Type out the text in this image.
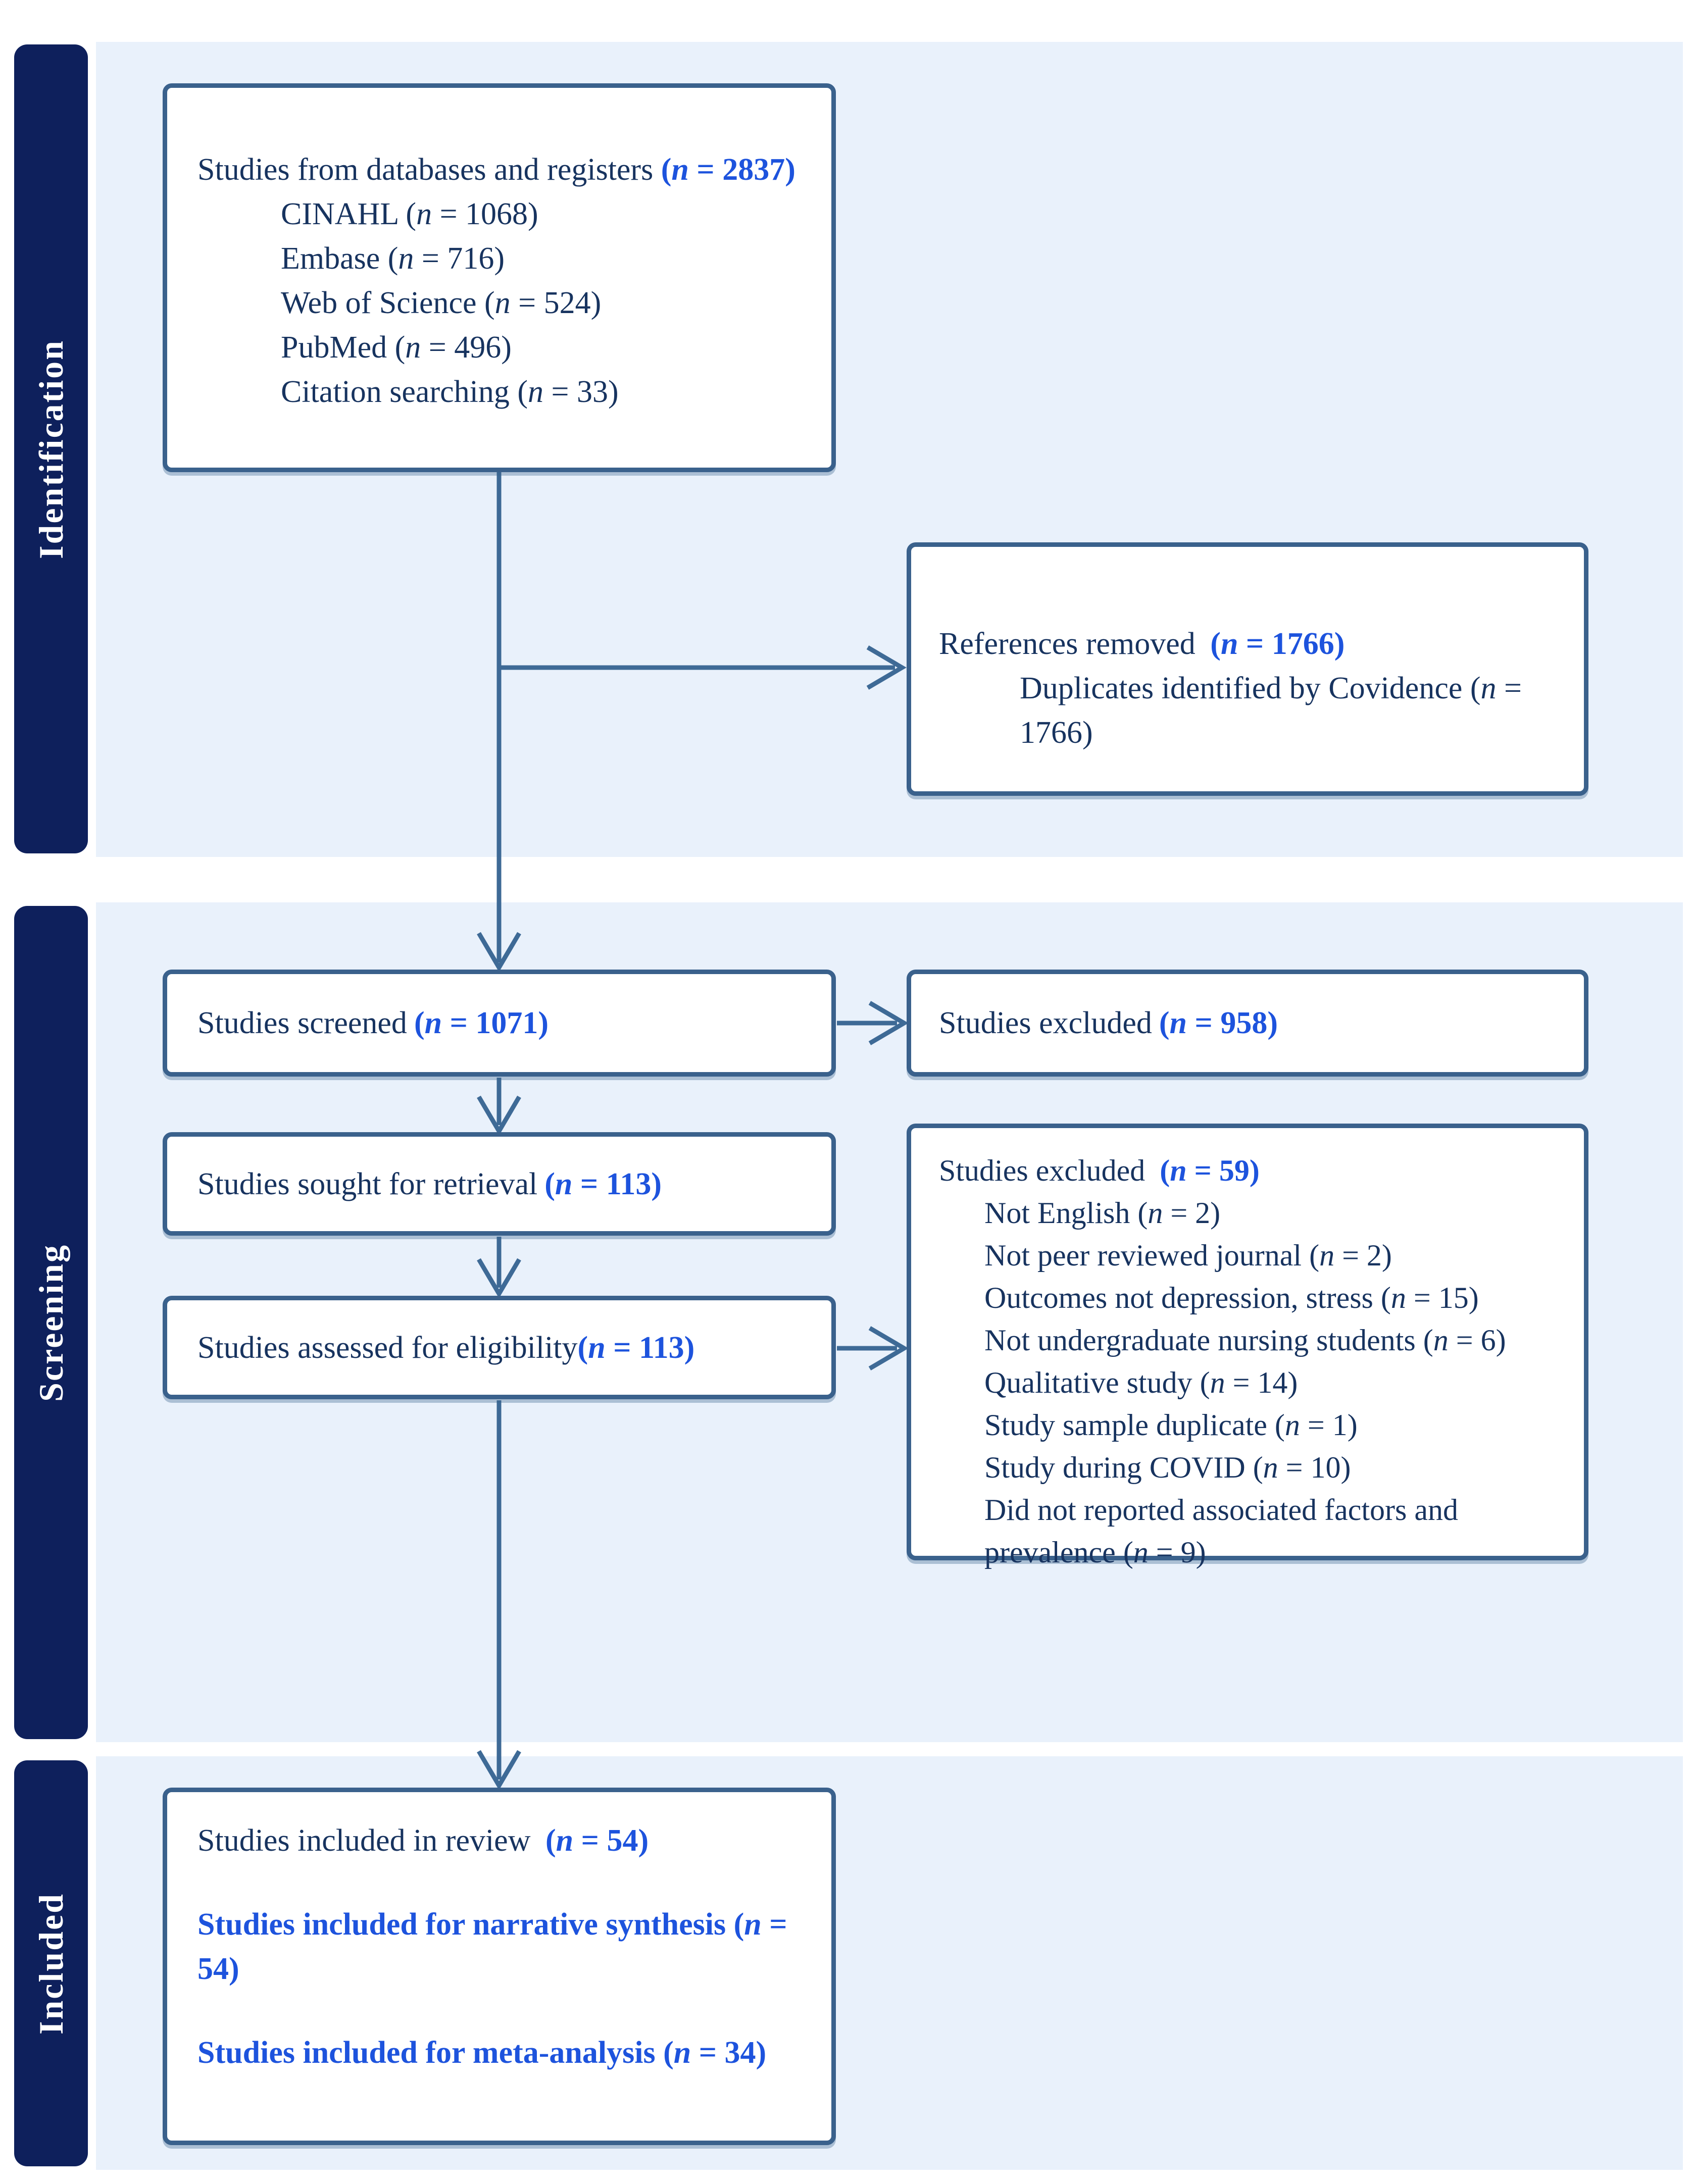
Identification
Screening
Included
Studies from databases and registers (n = 2837)
CINAHL (n = 1068)
Embase (n = 716)
Web of Science (n = 524)
PubMed (n = 496)
Citation searching (n = 33)
References removed (n = 1766)
Duplicates identified by Covidence (n = 1766)
Studies screened (n = 1071)	Studies excluded (n = 958)
Studies sought for retrieval (n = 113)
Studies assessed for eligibility (n = 113)
Studies excluded (n = 59)
Not English (n = 2)
Not peer reviewed journal (n = 2)
Outcomes not depression, stress (n = 15)
Not undergraduate nursing students (n = 6)
Qualitative study (n = 14)
Study sample duplicate (n = 1)
Study during COVID (n = 10)
Did not reported associated factors and prevalence (n = 9)
Studies included in review (n = 54)
Studies included for narrative synthesis (n = 54)
Studies included for meta-analysis (n = 34)
